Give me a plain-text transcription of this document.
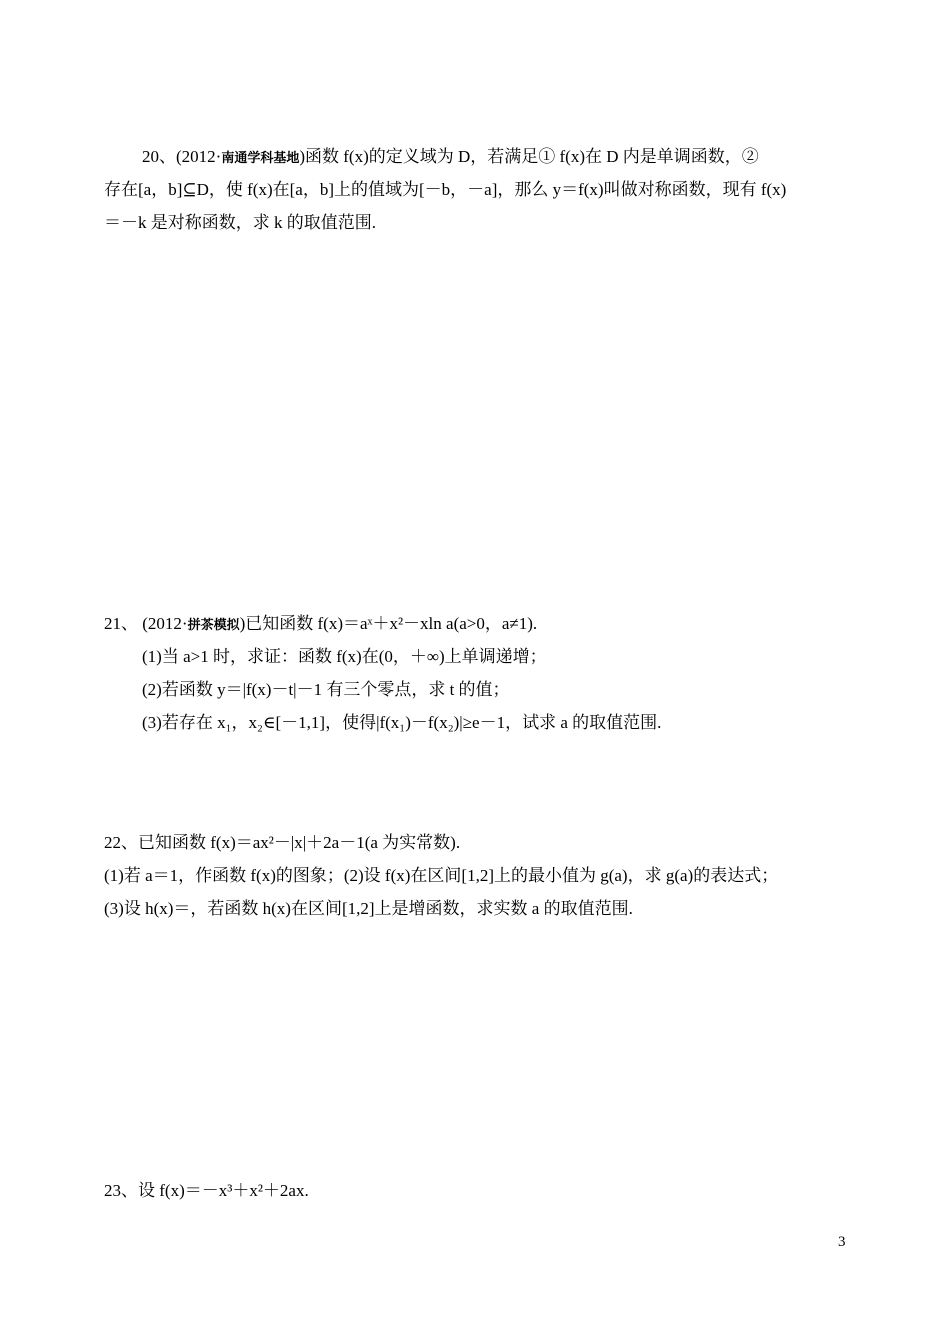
20、(2012·南通学科基地)函数 f(x)的定义域为 D，若满足① f(x)在 D 内是单调函数，②
存在[a，b]⊆D，使 f(x)在[a，b]上的值域为[－b，－a]，那么 y＝f(x)叫做对称函数，现有 f(x)
＝－k 是对称函数，求 k 的取值范围.
21、 (2012·拼茶模拟)已知函数 f(x)＝aˣ＋x²－xln a(a>0，a≠1).
(1)当 a>1 时，求证：函数 f(x)在(0，＋∞)上单调递增；
(2)若函数 y＝|f(x)－t|－1 有三个零点，求 t 的值；
(3)若存在 x₁，x₂∈[－1,1]，使得|f(x₁)－f(x₂)|≥e－1，试求 a 的取值范围.
22、已知函数 f(x)＝ax²－|x|＋2a－1(a 为实常数).
(1)若 a＝1，作函数 f(x)的图象；(2)设 f(x)在区间[1,2]上的最小值为 g(a)，求 g(a)的表达式；
(3)设 h(x)＝，若函数 h(x)在区间[1,2]上是增函数，求实数 a 的取值范围.
23、设 f(x)＝－x³＋x²＋2ax.
3
